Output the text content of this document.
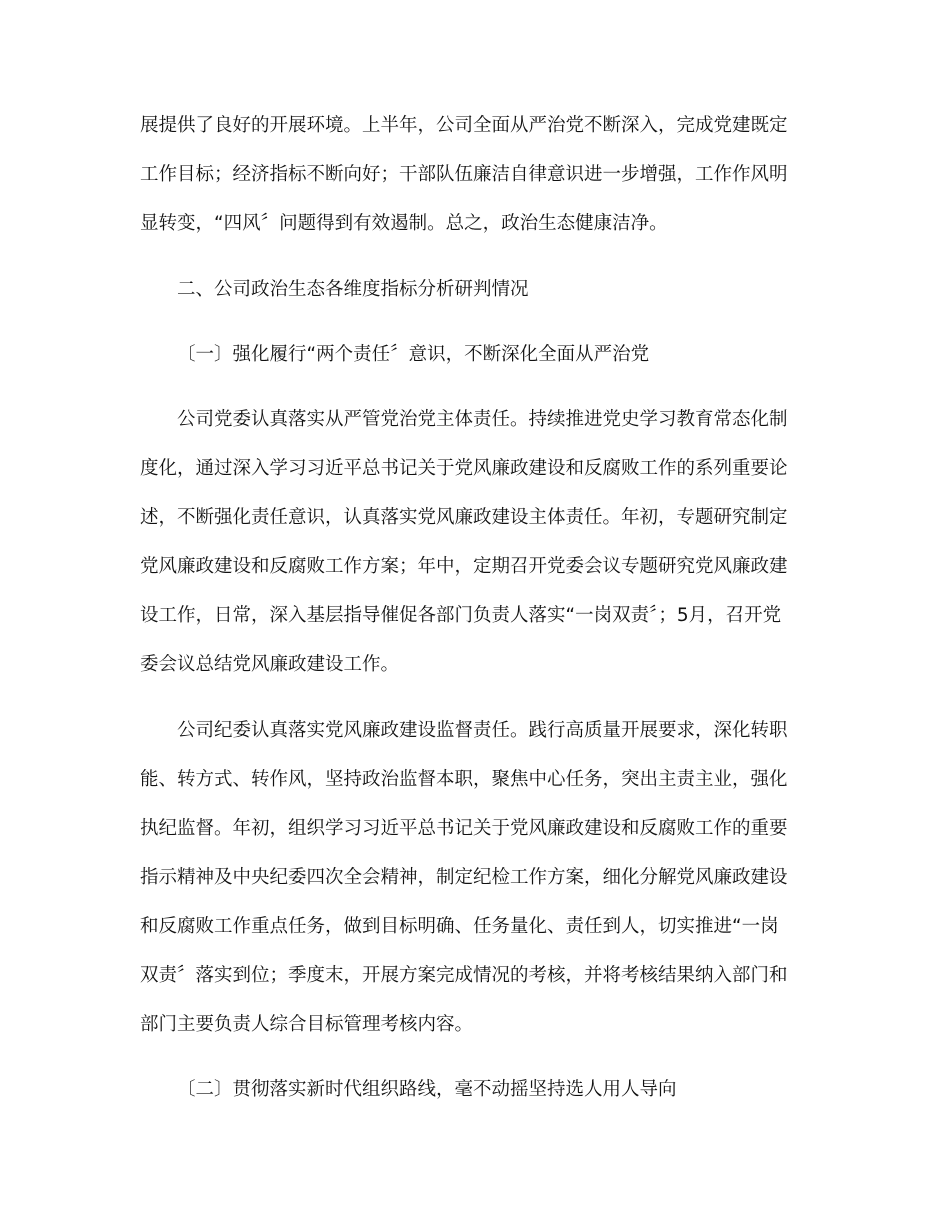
展提供了良好的开展环境。上半年，公司全面从严治党不断深入，完成党建既定

工作目标；经济指标不断向好；干部队伍廉洁自律意识进一步增强，工作作风明

显转变，“四风〞问题得到有效遏制。总之，政治生态健康洁净。

二、公司政治生态各维度指标分析研判情况

〔一〕强化履行“两个责任〞意识，不断深化全面从严治党

公司党委认真落实从严管党治党主体责任。持续推进党史学习教育常态化制

度化，通过深入学习习近平总书记关于党风廉政建设和反腐败工作的系列重要论

述，不断强化责任意识，认真落实党风廉政建设主体责任。年初，专题研究制定

党风廉政建设和反腐败工作方案；年中，定期召开党委会议专题研究党风廉政建

设工作，日常，深入基层指导催促各部门负责人落实“一岗双责〞；5月，召开党

委会议总结党风廉政建设工作。

公司纪委认真落实党风廉政建设监督责任。践行高质量开展要求，深化转职

能、转方式、转作风，坚持政治监督本职，聚焦中心任务，突出主责主业，强化

执纪监督。年初，组织学习习近平总书记关于党风廉政建设和反腐败工作的重要

指示精神及中央纪委四次全会精神，制定纪检工作方案，细化分解党风廉政建设

和反腐败工作重点任务，做到目标明确、任务量化、责任到人，切实推进“一岗

双责〞落实到位；季度末，开展方案完成情况的考核，并将考核结果纳入部门和

部门主要负责人综合目标管理考核内容。

〔二〕贯彻落实新时代组织路线，毫不动摇坚持选人用人导向
